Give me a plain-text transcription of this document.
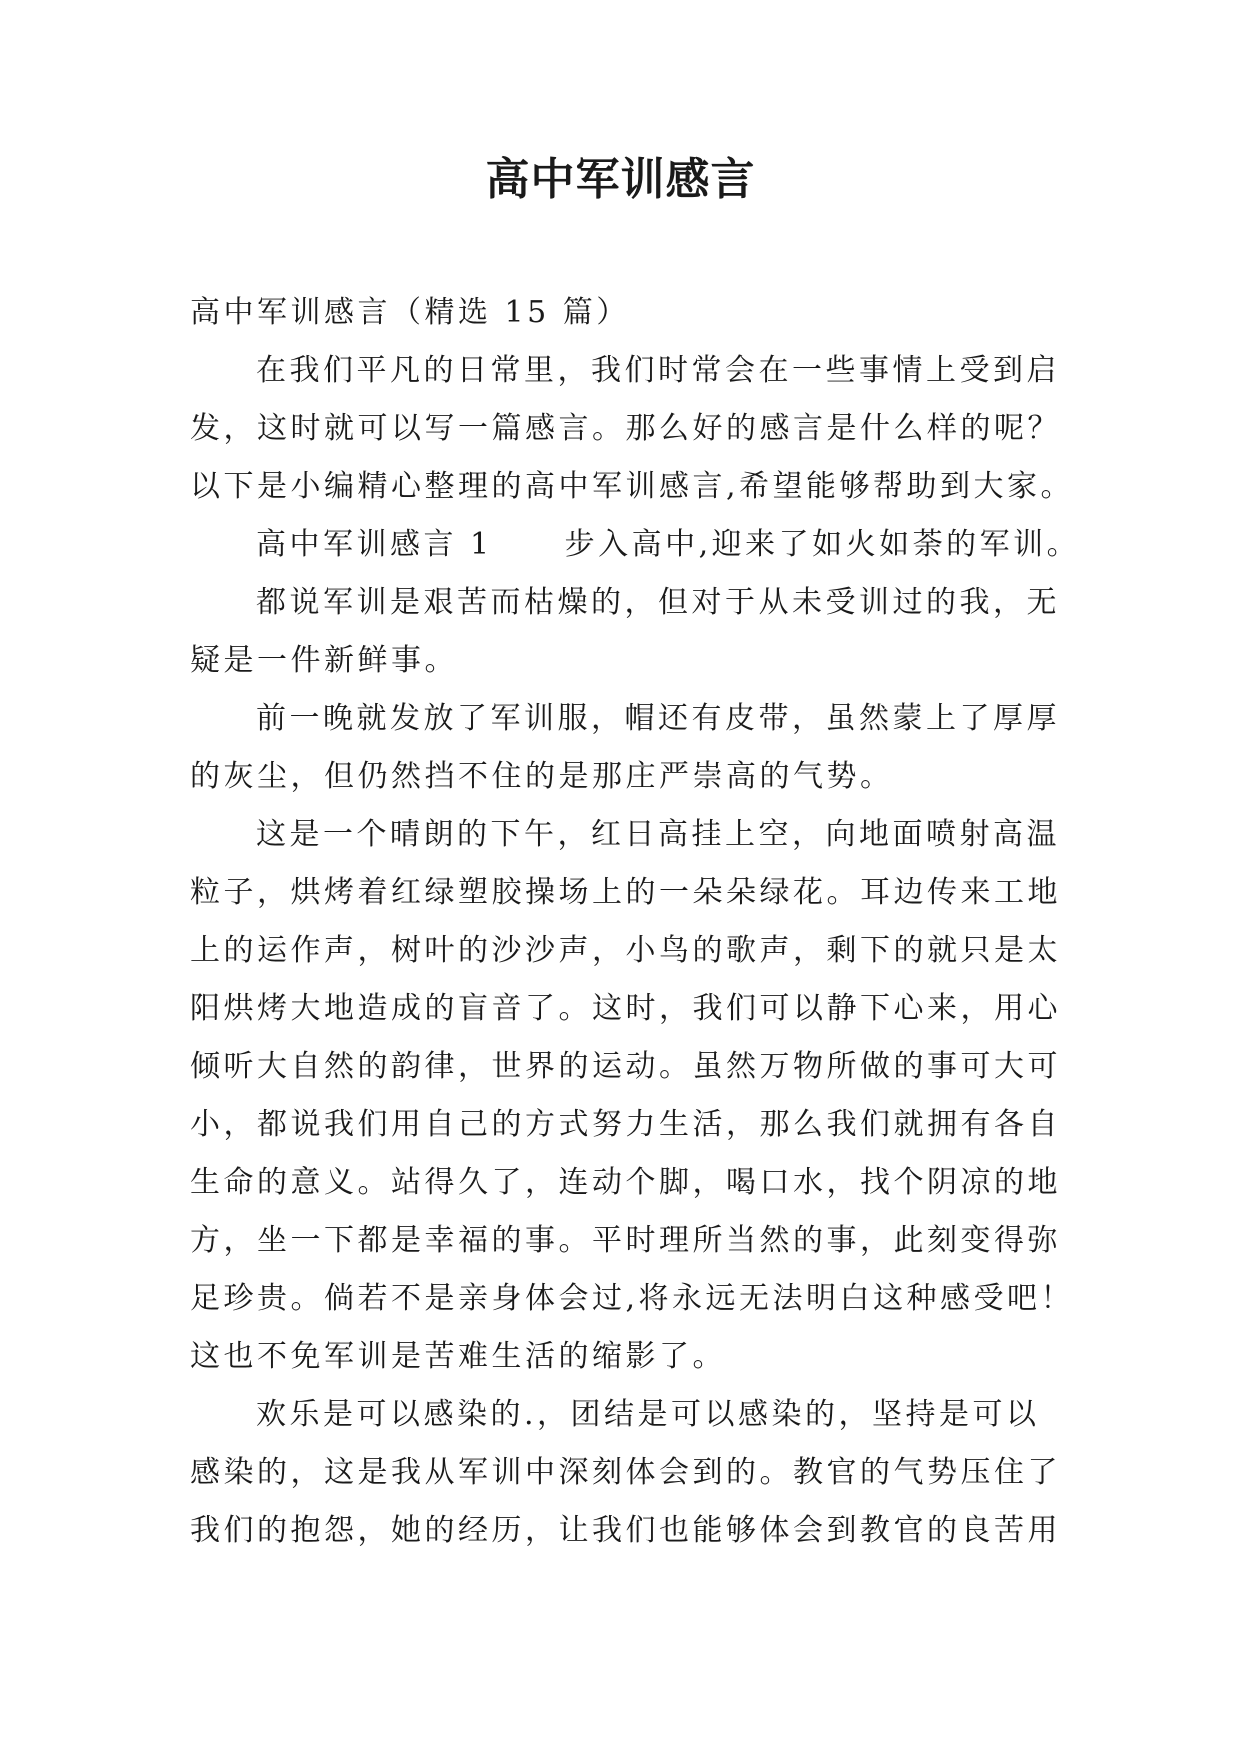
高中军训感言
高中军训感言（精选 15 篇）
在我们平凡的日常里，我们时常会在一些事情上受到启
发，这时就可以写一篇感言。那么好的感言是什么样的呢？
以下是小编精心整理的高中军训感言,希望能够帮助到大家。
高中军训感言 1 步入高中,迎来了如火如荼的军训。
都说军训是艰苦而枯燥的，但对于从未受训过的我，无
疑是一件新鲜事。
前一晚就发放了军训服，帽还有皮带，虽然蒙上了厚厚
的灰尘，但仍然挡不住的是那庄严崇高的气势。
这是一个晴朗的下午，红日高挂上空，向地面喷射高温
粒子，烘烤着红绿塑胶操场上的一朵朵绿花。耳边传来工地
上的运作声，树叶的沙沙声，小鸟的歌声，剩下的就只是太
阳烘烤大地造成的盲音了。这时，我们可以静下心来，用心
倾听大自然的韵律，世界的运动。虽然万物所做的事可大可
小，都说我们用自己的方式努力生活，那么我们就拥有各自
生命的意义。站得久了，连动个脚，喝口水，找个阴凉的地
方，坐一下都是幸福的事。平时理所当然的事，此刻变得弥
足珍贵。倘若不是亲身体会过,将永远无法明白这种感受吧！
这也不免军训是苦难生活的缩影了。
欢乐是可以感染的.，团结是可以感染的，坚持是可以
感染的，这是我从军训中深刻体会到的。教官的气势压住了
我们的抱怨，她的经历，让我们也能够体会到教官的良苦用
